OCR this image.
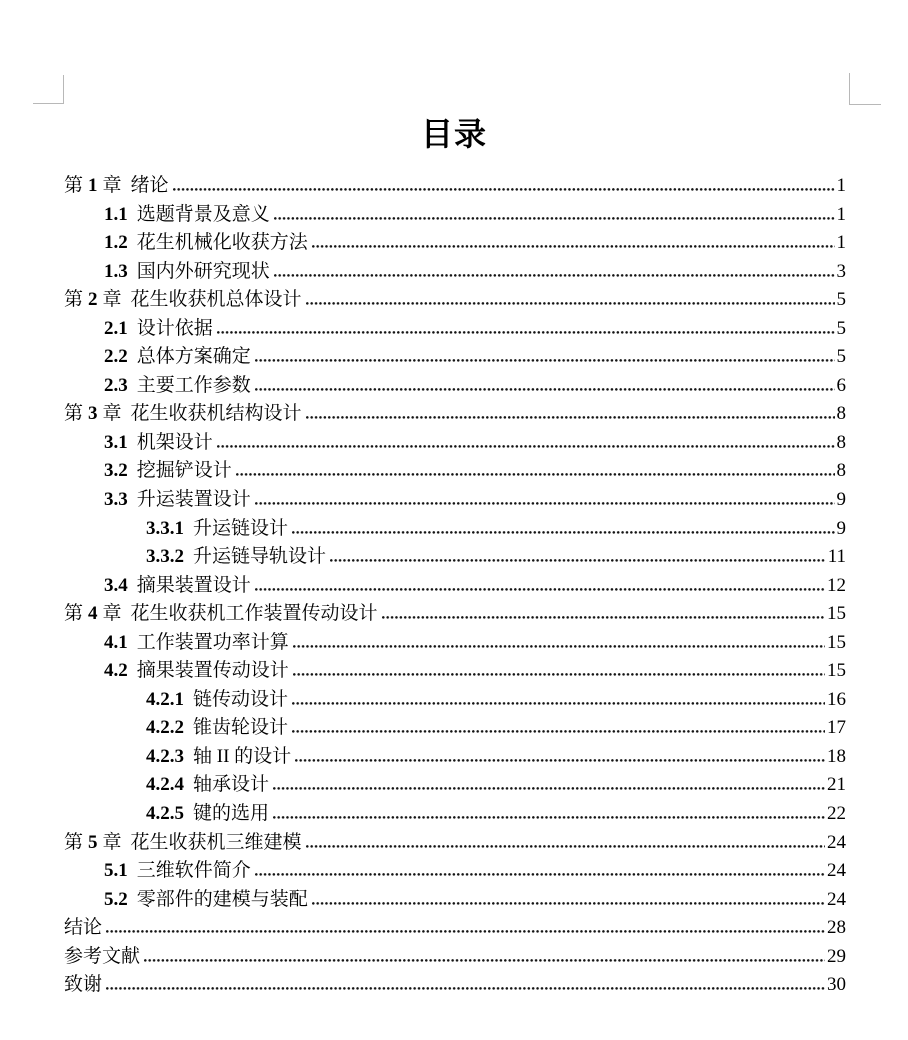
目录
第 1 章 绪论	1
1.1 选题背景及意义	1
1.2 花生机械化收获方法	1
1.3 国内外研究现状	3
第 2 章 花生收获机总体设计	5
2.1 设计依据	5
2.2 总体方案确定	5
2.3 主要工作参数	6
第 3 章 花生收获机结构设计	8
3.1 机架设计	8
3.2 挖掘铲设计	8
3.3 升运装置设计	9
3.3.1 升运链设计	9
3.3.2 升运链导轨设计	11
3.4 摘果装置设计	12
第 4 章 花生收获机工作装置传动设计	15
4.1 工作装置功率计算	15
4.2 摘果装置传动设计	15
4.2.1 链传动设计	16
4.2.2 锥齿轮设计	17
4.2.3 轴 II 的设计	18
4.2.4 轴承设计	21
4.2.5 键的选用	22
第 5 章 花生收获机三维建模	24
5.1 三维软件简介	24
5.2 零部件的建模与装配	24
结论	28
参考文献	29
致谢	30
